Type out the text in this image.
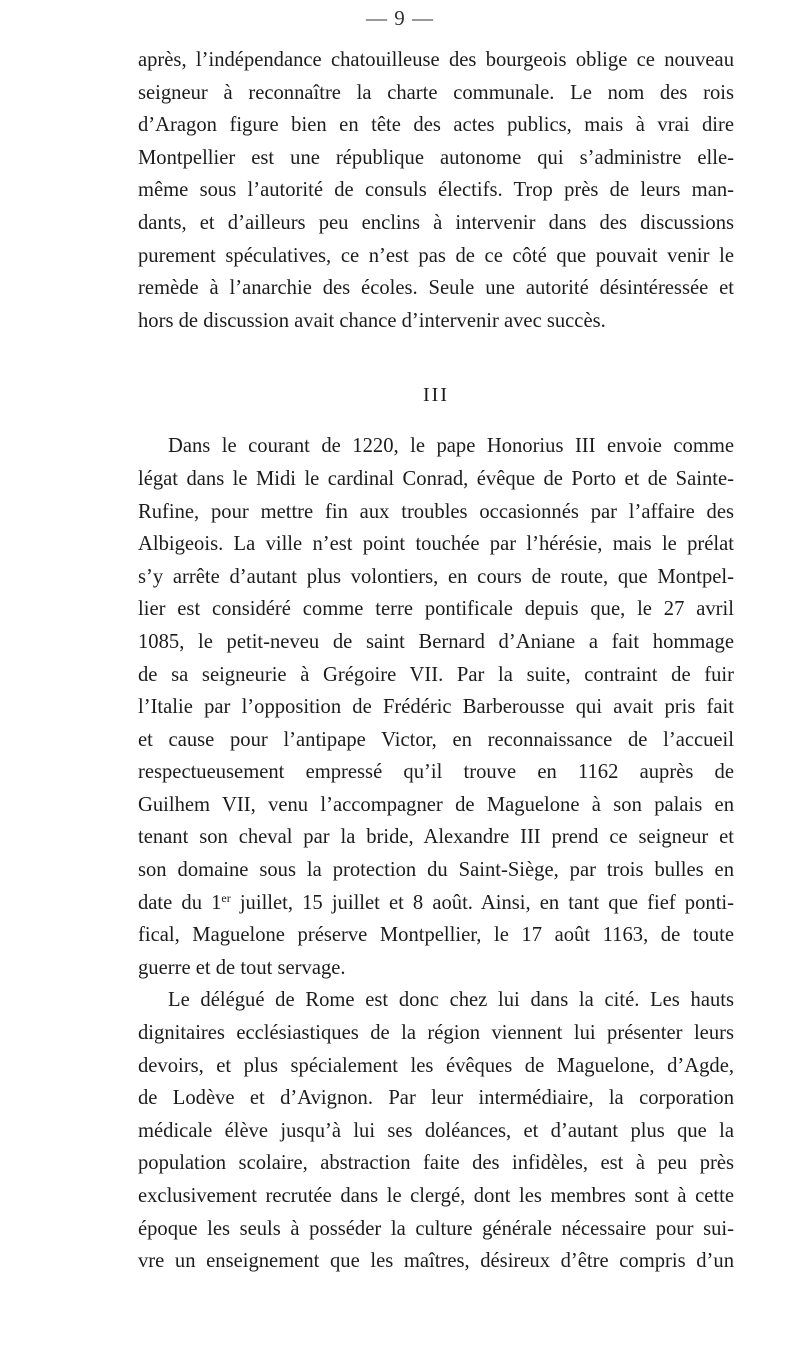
— 9 —
après, l’indépendance chatouilleuse des bourgeois oblige ce nouveau
seigneur à reconnaître la charte communale. Le nom des rois
d’Aragon figure bien en tête des actes publics, mais à vrai dire
Montpellier est une république autonome qui s’administre elle-
même sous l’autorité de consuls électifs. Trop près de leurs man-
dants, et d’ailleurs peu enclins à intervenir dans des discussions
purement spéculatives, ce n’est pas de ce côté que pouvait venir le
remède à l’anarchie des écoles. Seule une autorité désintéressée et
hors de discussion avait chance d’intervenir avec succès.
III
Dans le courant de 1220, le pape Honorius III envoie comme
légat dans le Midi le cardinal Conrad, évêque de Porto et de Sainte-
Rufine, pour mettre fin aux troubles occasionnés par l’affaire des
Albigeois. La ville n’est point touchée par l’hérésie, mais le prélat
s’y arrête d’autant plus volontiers, en cours de route, que Montpel-
lier est considéré comme terre pontificale depuis que, le 27 avril
1085, le petit-neveu de saint Bernard d’Aniane a fait hommage
de sa seigneurie à Grégoire VII. Par la suite, contraint de fuir
l’Italie par l’opposition de Frédéric Barberousse qui avait pris fait
et cause pour l’antipape Victor, en reconnaissance de l’accueil
respectueusement empressé qu’il trouve en 1162 auprès de
Guilhem VII, venu l’accompagner de Maguelone à son palais en
tenant son cheval par la bride, Alexandre III prend ce seigneur et
son domaine sous la protection du Saint-Siège, par trois bulles en
date du 1er juillet, 15 juillet et 8 août. Ainsi, en tant que fief ponti-
fical, Maguelone préserve Montpellier, le 17 août 1163, de toute
guerre et de tout servage.
Le délégué de Rome est donc chez lui dans la cité. Les hauts
dignitaires ecclésiastiques de la région viennent lui présenter leurs
devoirs, et plus spécialement les évêques de Maguelone, d’Agde,
de Lodève et d’Avignon. Par leur intermédiaire, la corporation
médicale élève jusqu’à lui ses doléances, et d’autant plus que la
population scolaire, abstraction faite des infidèles, est à peu près
exclusivement recrutée dans le clergé, dont les membres sont à cette
époque les seuls à posséder la culture générale nécessaire pour sui-
vre un enseignement que les maîtres, désireux d’être compris d’un
